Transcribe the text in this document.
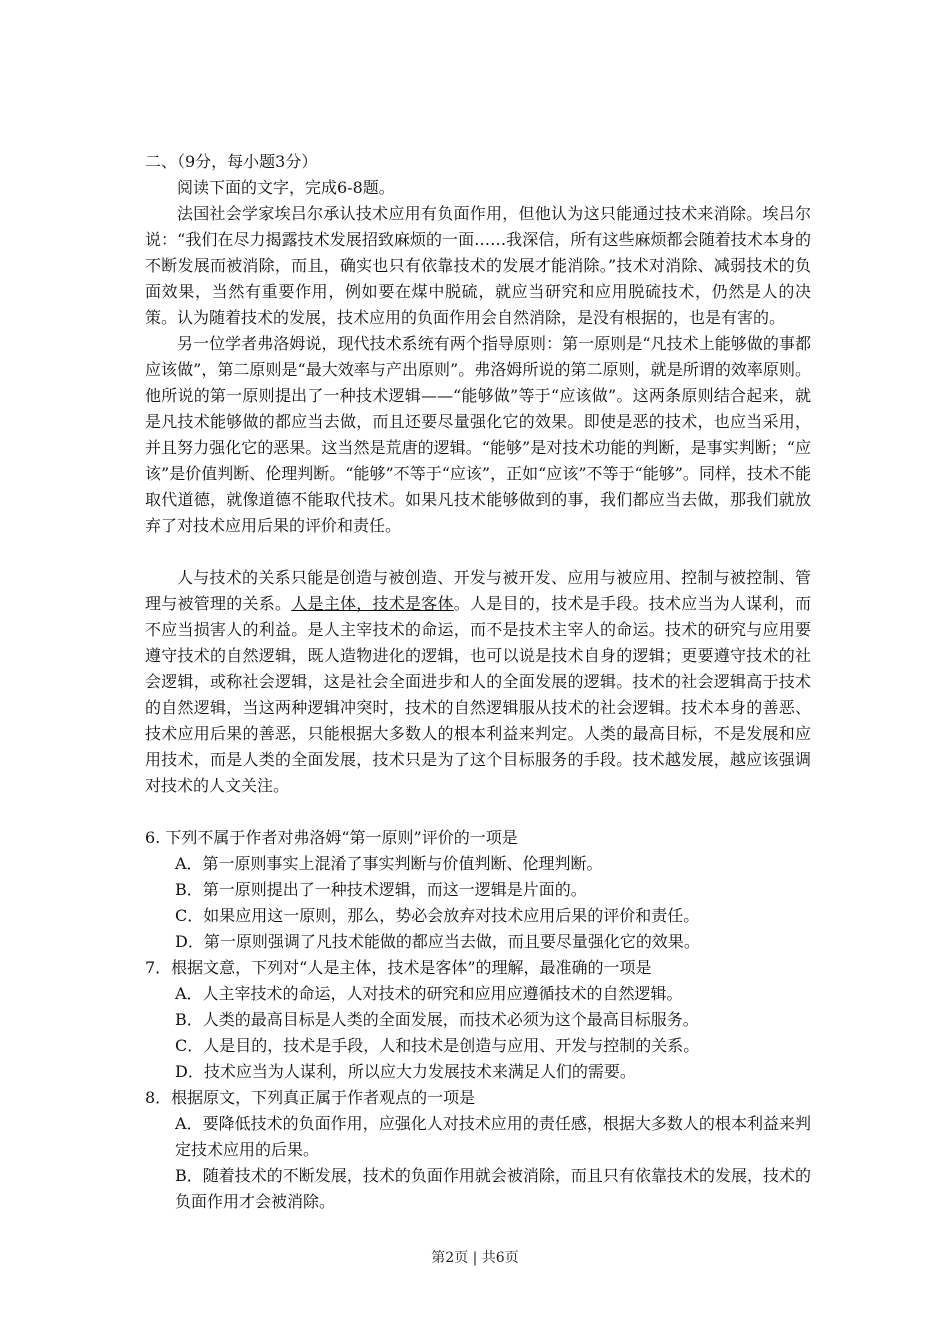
二、（9分，每小题3分）

阅读下面的文字，完成6-8题。

法国社会学家埃吕尔承认技术应用有负面作用，但他认为这只能通过技术来消除。埃吕尔说：“我们在尽力揭露技术发展招致麻烦的一面……我深信，所有这些麻烦都会随着技术本身的不断发展而被消除，而且，确实也只有依靠技术的发展才能消除。”技术对消除、减弱技术的负面效果，当然有重要作用，例如要在煤中脱硫，就应当研究和应用脱硫技术，仍然是人的决策。认为随着技术的发展，技术应用的负面作用会自然消除，是没有根据的，也是有害的。

另一位学者弗洛姆说，现代技术系统有两个指导原则：第一原则是“凡技术上能够做的事都应该做”，第二原则是“最大效率与产出原则”。弗洛姆所说的第二原则，就是所谓的效率原则。他所说的第一原则提出了一种技术逻辑——“能够做”等于“应该做”。这两条原则结合起来，就是凡技术能够做的都应当去做，而且还要尽量强化它的效果。即使是恶的技术，也应当采用，并且努力强化它的恶果。这当然是荒唐的逻辑。“能够”是对技术功能的判断，是事实判断；“应该”是价值判断、伦理判断。“能够”不等于“应该”，正如“应该”不等于“能够”。同样，技术不能取代道德，就像道德不能取代技术。如果凡技术能够做到的事，我们都应当去做，那我们就放弃了对技术应用后果的评价和责任。

人与技术的关系只能是创造与被创造、开发与被开发、应用与被应用、控制与被控制、管理与被管理的关系。人是主体，技术是客体。人是目的，技术是手段。技术应当为人谋利，而不应当损害人的利益。是人主宰技术的命运，而不是技术主宰人的命运。技术的研究与应用要遵守技术的自然逻辑，既人造物进化的逻辑，也可以说是技术自身的逻辑；更要遵守技术的社会逻辑，或称社会逻辑，这是社会全面进步和人的全面发展的逻辑。技术的社会逻辑高于技术的自然逻辑，当这两种逻辑冲突时，技术的自然逻辑服从技术的社会逻辑。技术本身的善恶、技术应用后果的善恶，只能根据大多数人的根本利益来判定。人类的最高目标，不是发展和应用技术，而是人类的全面发展，技术只是为了这个目标服务的手段。技术越发展，越应该强调对技术的人文关注。

6. 下列不属于作者对弗洛姆“第一原则”评价的一项是

A．第一原则事实上混淆了事实判断与价值判断、伦理判断。

B．第一原则提出了一种技术逻辑，而这一逻辑是片面的。

C．如果应用这一原则，那么，势必会放弃对技术应用后果的评价和责任。

D．第一原则强调了凡技术能做的都应当去做，而且要尽量强化它的效果。

7．根据文意，下列对“人是主体，技术是客体”的理解，最准确的一项是

A．人主宰技术的命运，人对技术的研究和应用应遵循技术的自然逻辑。

B．人类的最高目标是人类的全面发展，而技术必须为这个最高目标服务。

C．人是目的，技术是手段，人和技术是创造与应用、开发与控制的关系。

D．技术应当为人谋利，所以应大力发展技术来满足人们的需要。

8．根据原文，下列真正属于作者观点的一项是

A．要降低技术的负面作用，应强化人对技术应用的责任感，根据大多数人的根本利益来判定技术应用的后果。

B．随着技术的不断发展，技术的负面作用就会被消除，而且只有依靠技术的发展，技术的负面作用才会被消除。

第2页 | 共6页
